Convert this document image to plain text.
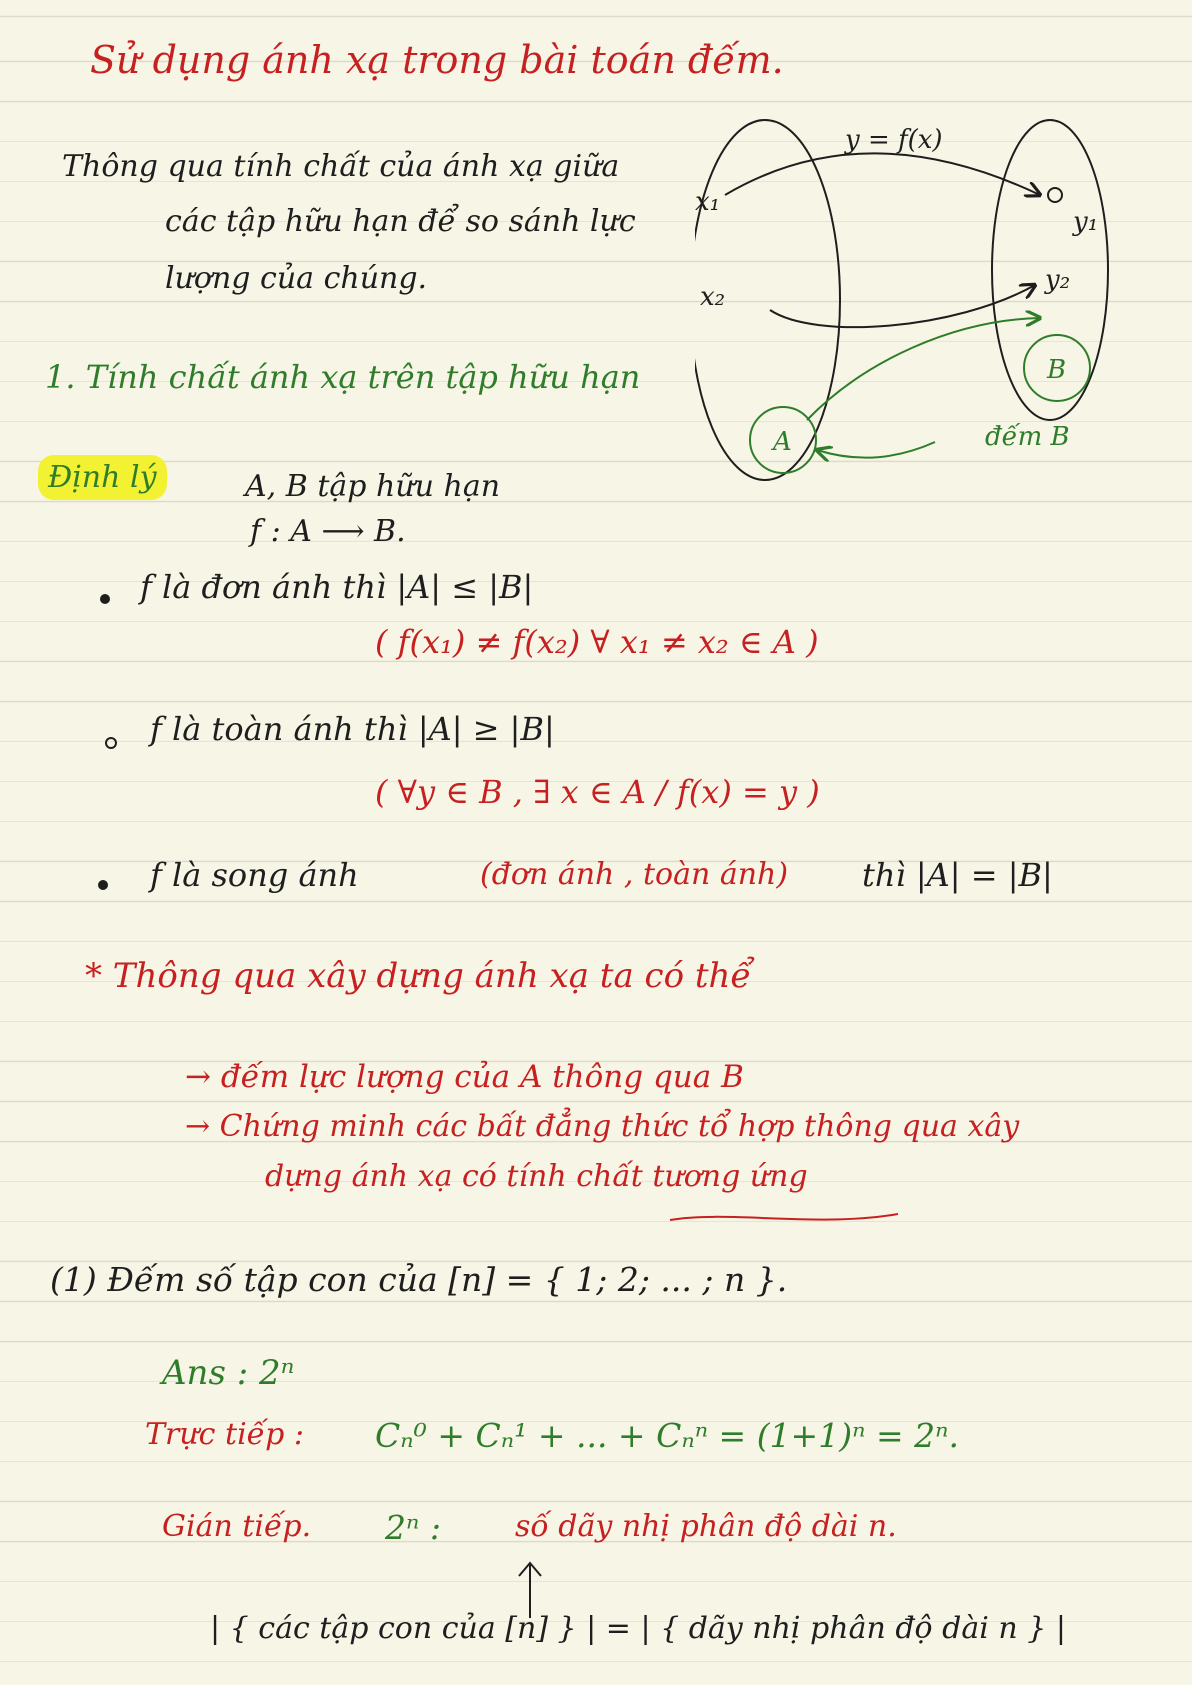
Sử dụng ánh xạ trong bài toán đếm.
Thông qua tính chất của ánh xạ giữa
các tập hữu hạn để so sánh lực
lượng của chúng.
1. Tính chất ánh xạ trên tập hữu hạn
y = f(x)
x₁
x₂
y₁
y₂
A
B
đếm B
Định lý	A, B tập hữu hạn
f : A ⟶ B.
f là đơn ánh thì |A| ≤ |B|
( f(x₁) ≠ f(x₂) ∀ x₁ ≠ x₂ ∈ A )
f là toàn ánh thì |A| ≥ |B|
( ∀y ∈ B , ∃ x ∈ A / f(x) = y )
f là song ánh	(đơn ánh , toàn ánh) thì |A| = |B|
* Thông qua xây dựng ánh xạ ta có thể
→ đếm lực lượng của A thông qua B
→ Chứng minh các bất đẳng thức tổ hợp thông qua xây
dựng ánh xạ có tính chất tương ứng
(1) Đếm số tập con của [n] = { 1; 2; ... ; n }.
Ans : 2ⁿ
Trực tiếp : Cₙ⁰ + Cₙ¹ + ... + Cₙⁿ = (1+1)ⁿ = 2ⁿ.
Gián tiếp. 2ⁿ : số dãy nhị phân độ dài n.
| { các tập con của [n] } | = | { dãy nhị phân độ dài n } |
